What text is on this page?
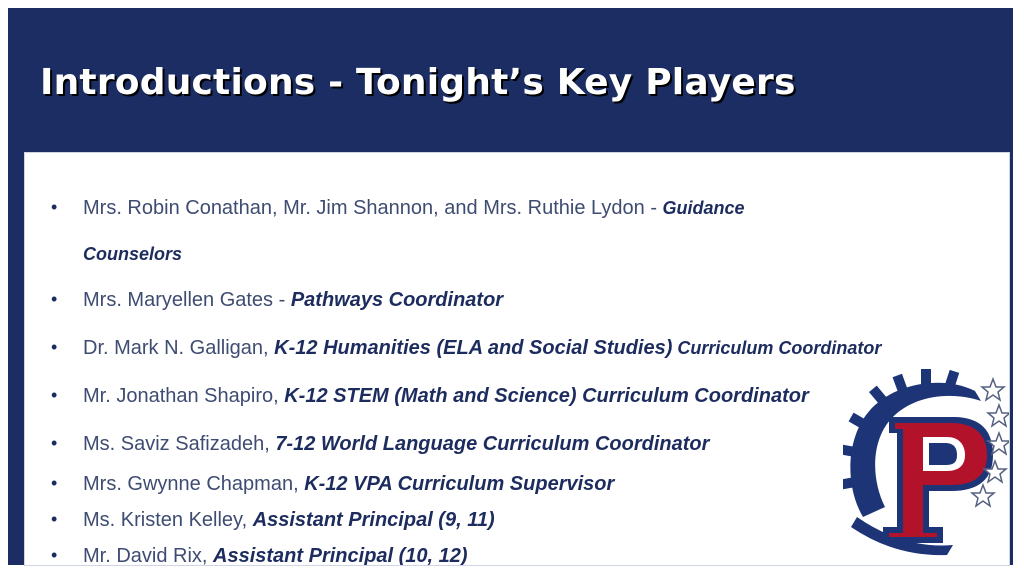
Introductions - Tonight’s Key Players
• Mrs. Robin Conathan, Mr. Jim Shannon, and Mrs. Ruthie Lydon - Guidance
Counselors
• Mrs. Maryellen Gates - Pathways Coordinator
• Dr. Mark N. Galligan, K-12 Humanities (ELA and Social Studies) Curriculum Coordinator
• Mr. Jonathan Shapiro, K-12 STEM (Math and Science) Curriculum Coordinator
• Ms. Saviz Safizadeh, 7-12 World Language Curriculum Coordinator
• Mrs. Gwynne Chapman, K-12 VPA Curriculum Supervisor
• Ms. Kristen Kelley, Assistant Principal (9, 11)
• Mr. David Rix, Assistant Principal (10, 12)
